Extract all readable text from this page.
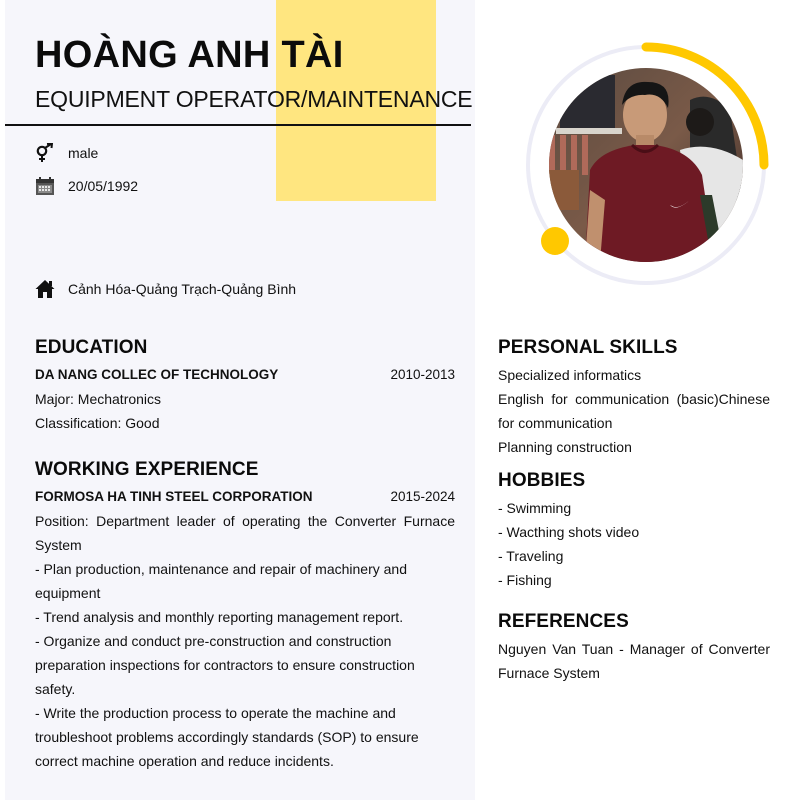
HOÀNG ANH TÀI
EQUIPMENT OPERATOR/MAINTENANCE
male
20/05/1992
Cảnh Hóa-Quảng Trạch-Quảng Bình
EDUCATION
DA NANG COLLEC OF TECHNOLOGY	2010-2013

Major: Mechatronics

Classification: Good

WORKING EXPERIENCE
FORMOSA HA TINH STEEL CORPORATION	2015-2024

Position: Department leader of operating the Converter Furnace System

- Plan production, maintenance and repair of machinery and equipment

- Trend analysis and monthly reporting management report.

- Organize and conduct pre-construction and construction preparation inspections for contractors to ensure construction safety.

- Write the production process to operate the machine and troubleshoot problems accordingly standards (SOP) to ensure correct machine operation and reduce incidents.

PERSONAL SKILLS

Specialized informatics

English for communication (basic)Chinese for communication

Planning construction

HOBBIES

- Swimming

- Wacthing shots video

- Traveling

- Fishing

REFERENCES

Nguyen Van Tuan - Manager of Converter Furnace System
